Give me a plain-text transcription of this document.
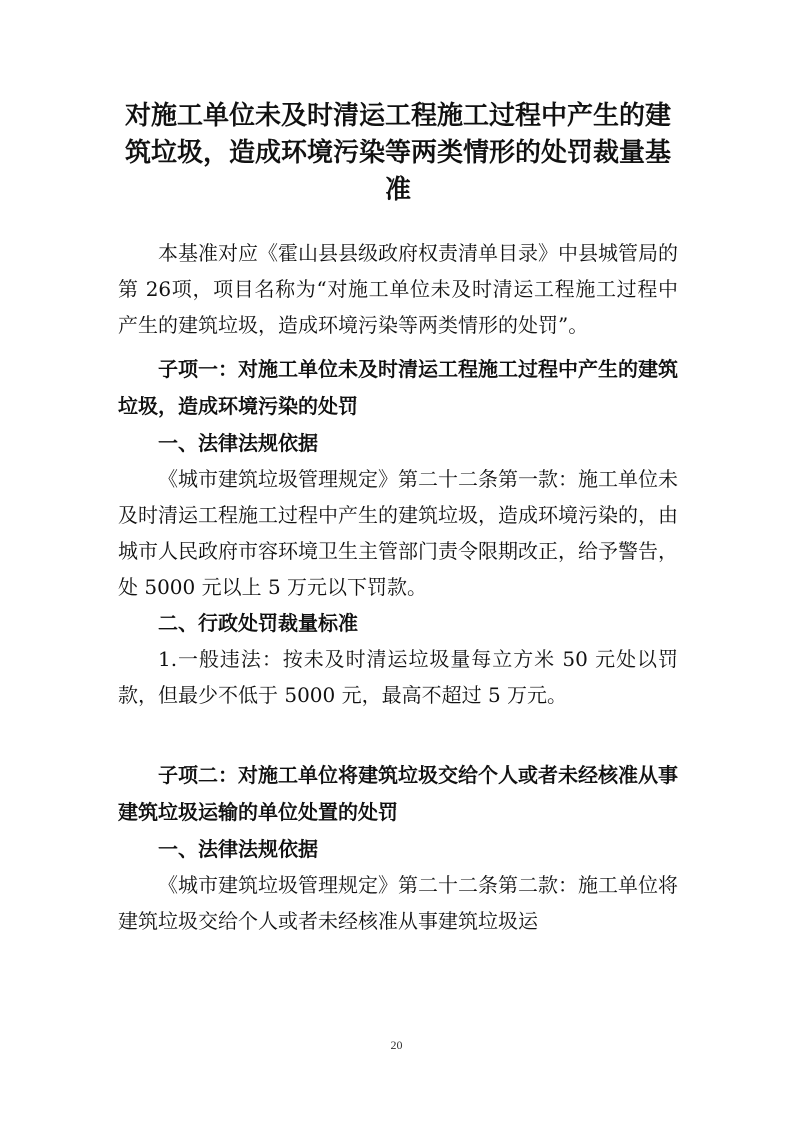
对施工单位未及时清运工程施工过程中产生的建筑垃圾，造成环境污染等两类情形的处罚裁量基准

本基准对应《霍山县县级政府权责清单目录》中县城管局的第 26项，项目名称为“对施工单位未及时清运工程施工过程中产生的建筑垃圾，造成环境污染等两类情形的处罚”。

子项一：对施工单位未及时清运工程施工过程中产生的建筑垃圾，造成环境污染的处罚

一、法律法规依据

《城市建筑垃圾管理规定》第二十二条第一款：施工单位未及时清运工程施工过程中产生的建筑垃圾，造成环境污染的，由城市人民政府市容环境卫生主管部门责令限期改正，给予警告，处 5000 元以上 5 万元以下罚款。

二、行政处罚裁量标准

1.一般违法：按未及时清运垃圾量每立方米 50 元处以罚款，但最少不低于 5000 元，最高不超过 5 万元。

子项二：对施工单位将建筑垃圾交给个人或者未经核准从事建筑垃圾运输的单位处置的处罚

一、法律法规依据

《城市建筑垃圾管理规定》第二十二条第二款：施工单位将建筑垃圾交给个人或者未经核准从事建筑垃圾运

20
